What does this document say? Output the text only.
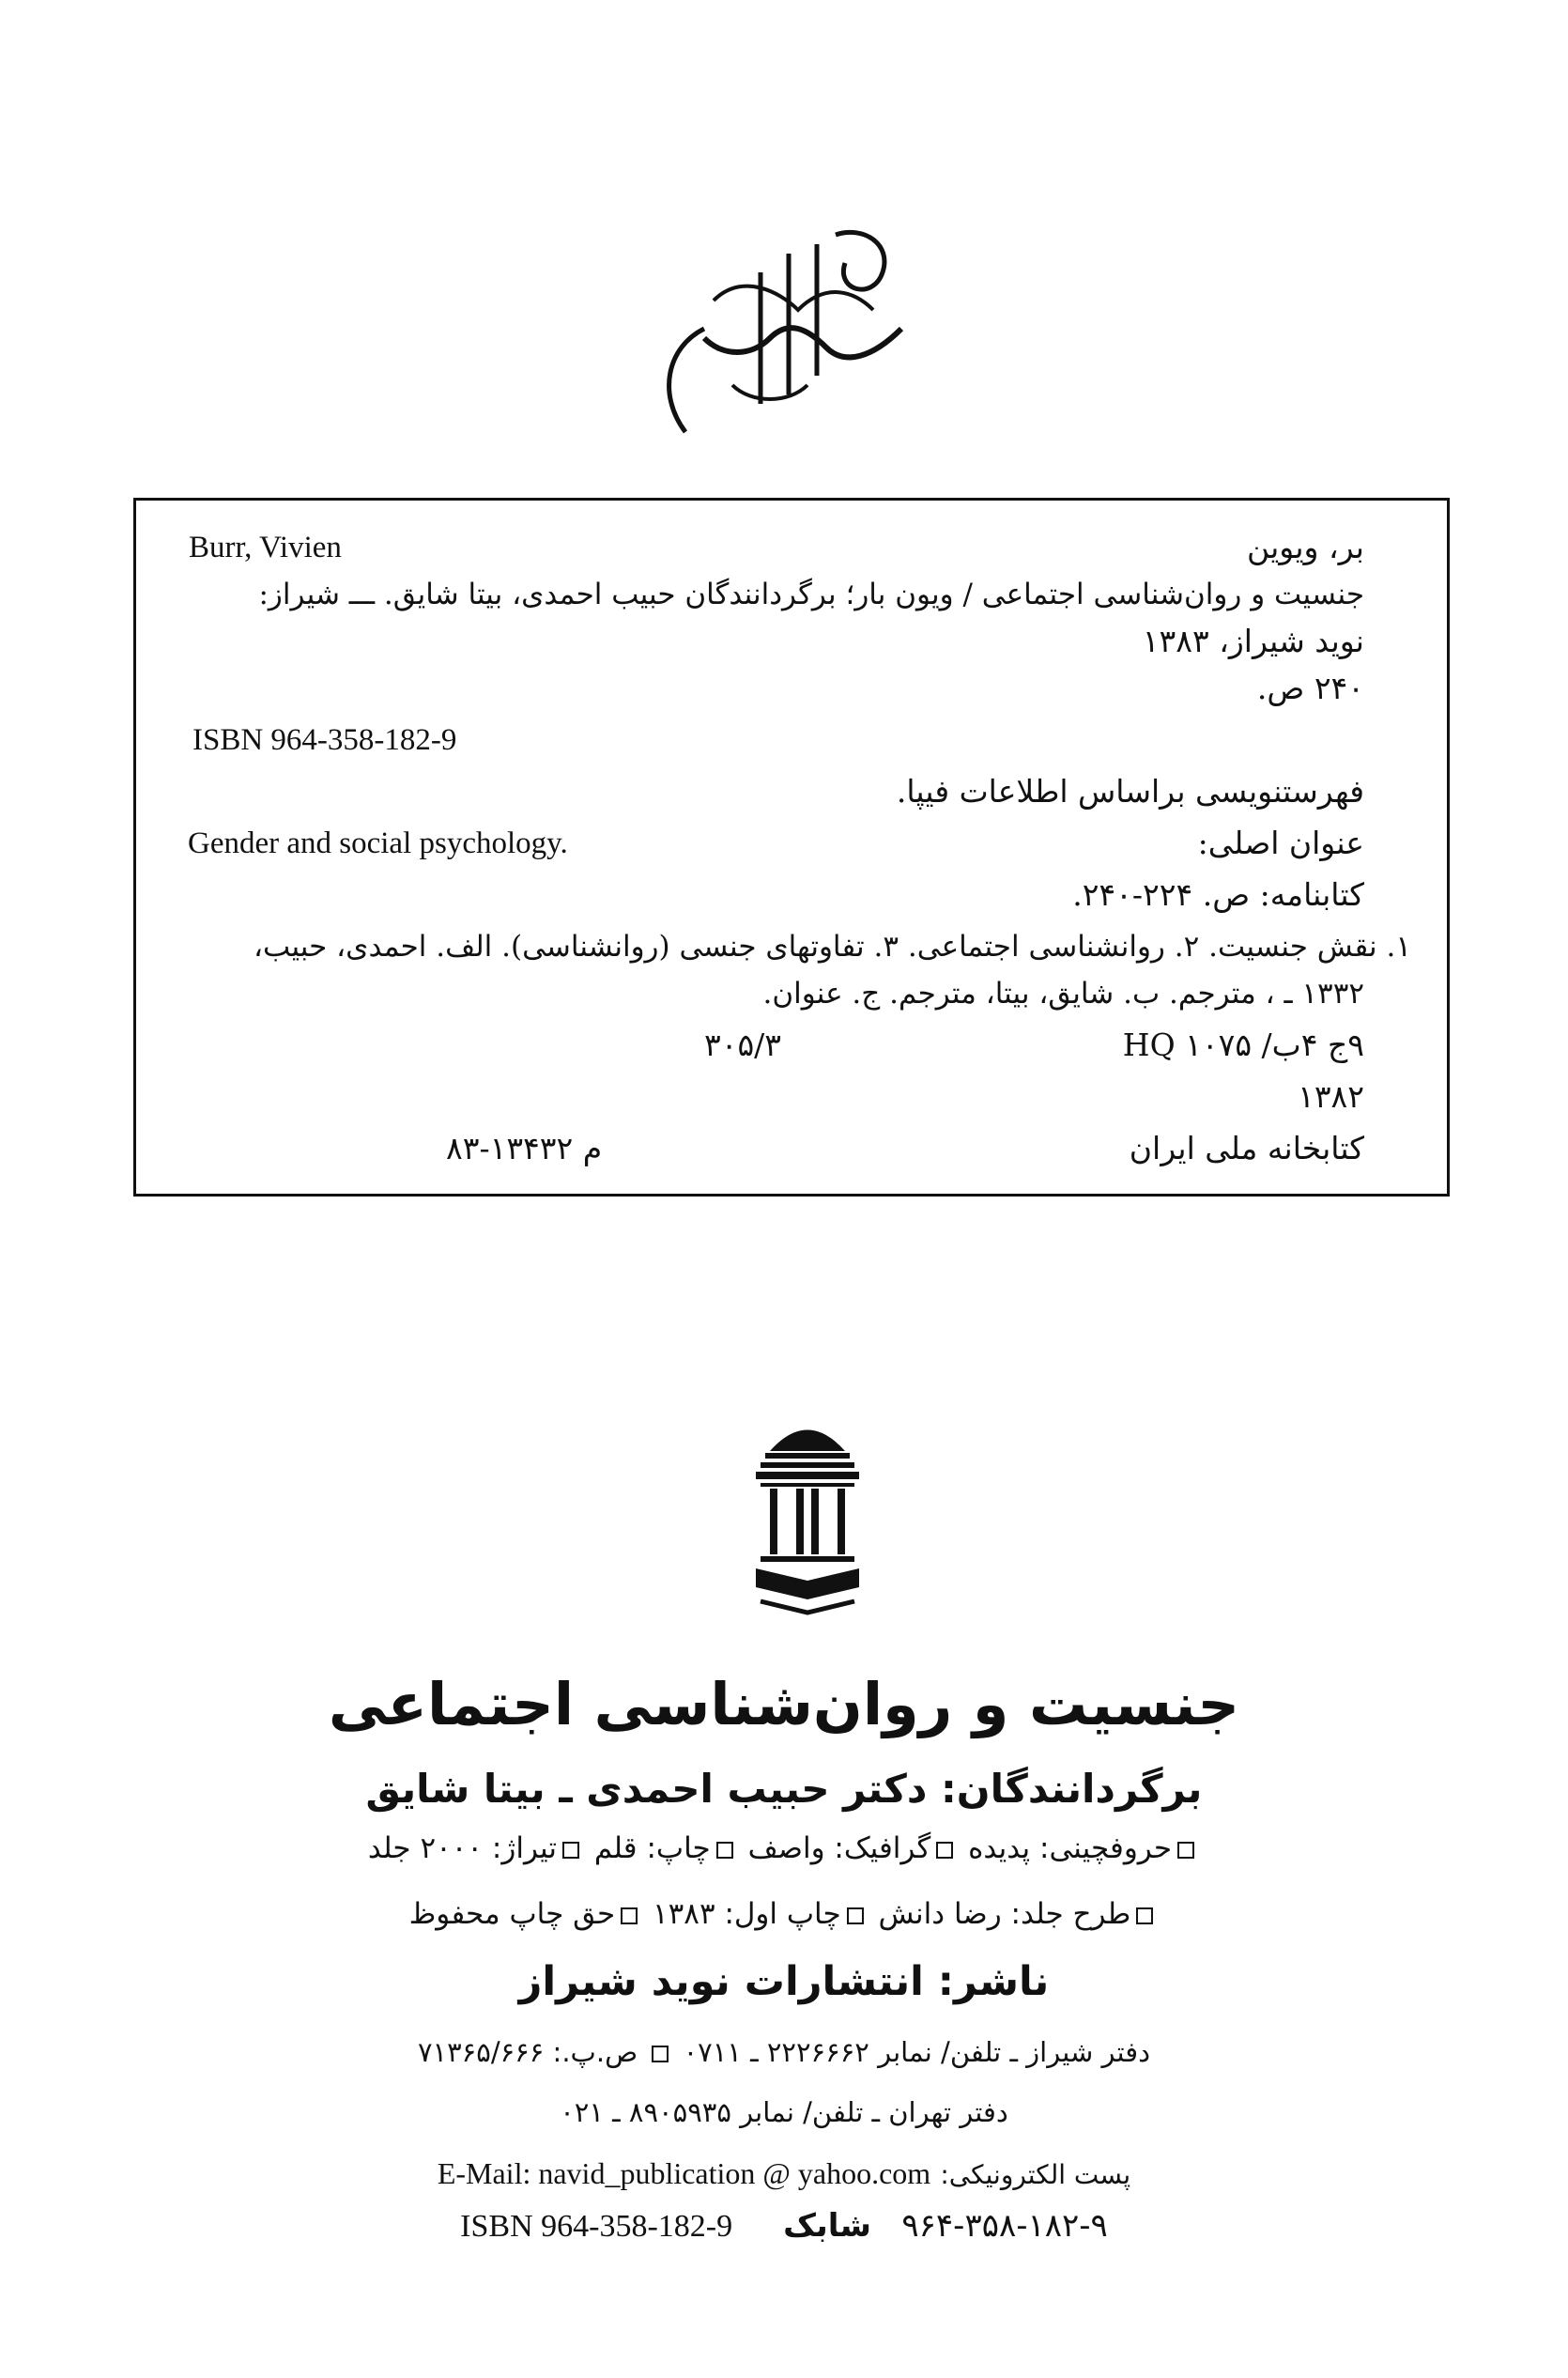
Burr, Vivien	بر، ویوین
جنسیت و روان‌شناسی اجتماعی / ویون بار؛ برگردانندگان حبیب احمدی، بیتا شایق. ـــ شیراز:
نوید شیراز، ۱۳۸۳
۲۴۰ ص.
ISBN 964-358-182-9
فهرستنویسی براساس اطلاعات فیپا.
Gender and social psychology.	عنوان اصلی:
کتابنامه: ص. ۲۲۴-۲۴۰.
۱. نقش جنسیت. ۲. روانشناسی اجتماعی. ۳. تفاوتهای جنسی (روانشناسی). الف. احمدی، حبیب،
۱۳۳۲ ـ ، مترجم. ب. شایق، بیتا، مترجم. ج. عنوان.
۹ج ۴ب/ ۱۰۷۵ HQ
۳۰۵/۳
۱۳۸۲
کتابخانه ملی ایران
م ۱۳۴۳۲-۸۳
جنسیت و روان‌شناسی اجتماعی
برگردانندگان: دکتر حبیب احمدی ـ بیتا شایق
حروفچینی: پدیده گرافیک: واصف چاپ: قلم تیراژ: ۲۰۰۰ جلد
طرح جلد: رضا دانش چاپ اول: ۱۳۸۳ حق چاپ محفوظ
ناشر: انتشارات نوید شیراز
دفتر شیراز ـ تلفن/ نمابر ۲۲۲۶۶۶۲ ـ ۰۷۱۱  ص.پ.: ۷۱۳۶۵/۶۶۶
دفتر تهران ـ تلفن/ نمابر ۸۹۰۵۹۳۵ ـ ۰۲۱
E-Mail: navid_publication @ yahoo.com پست الکترونیکی:
ISBN 964-358-182-9	۹۶۴-۳۵۸-۱۸۲-۹   شابک
